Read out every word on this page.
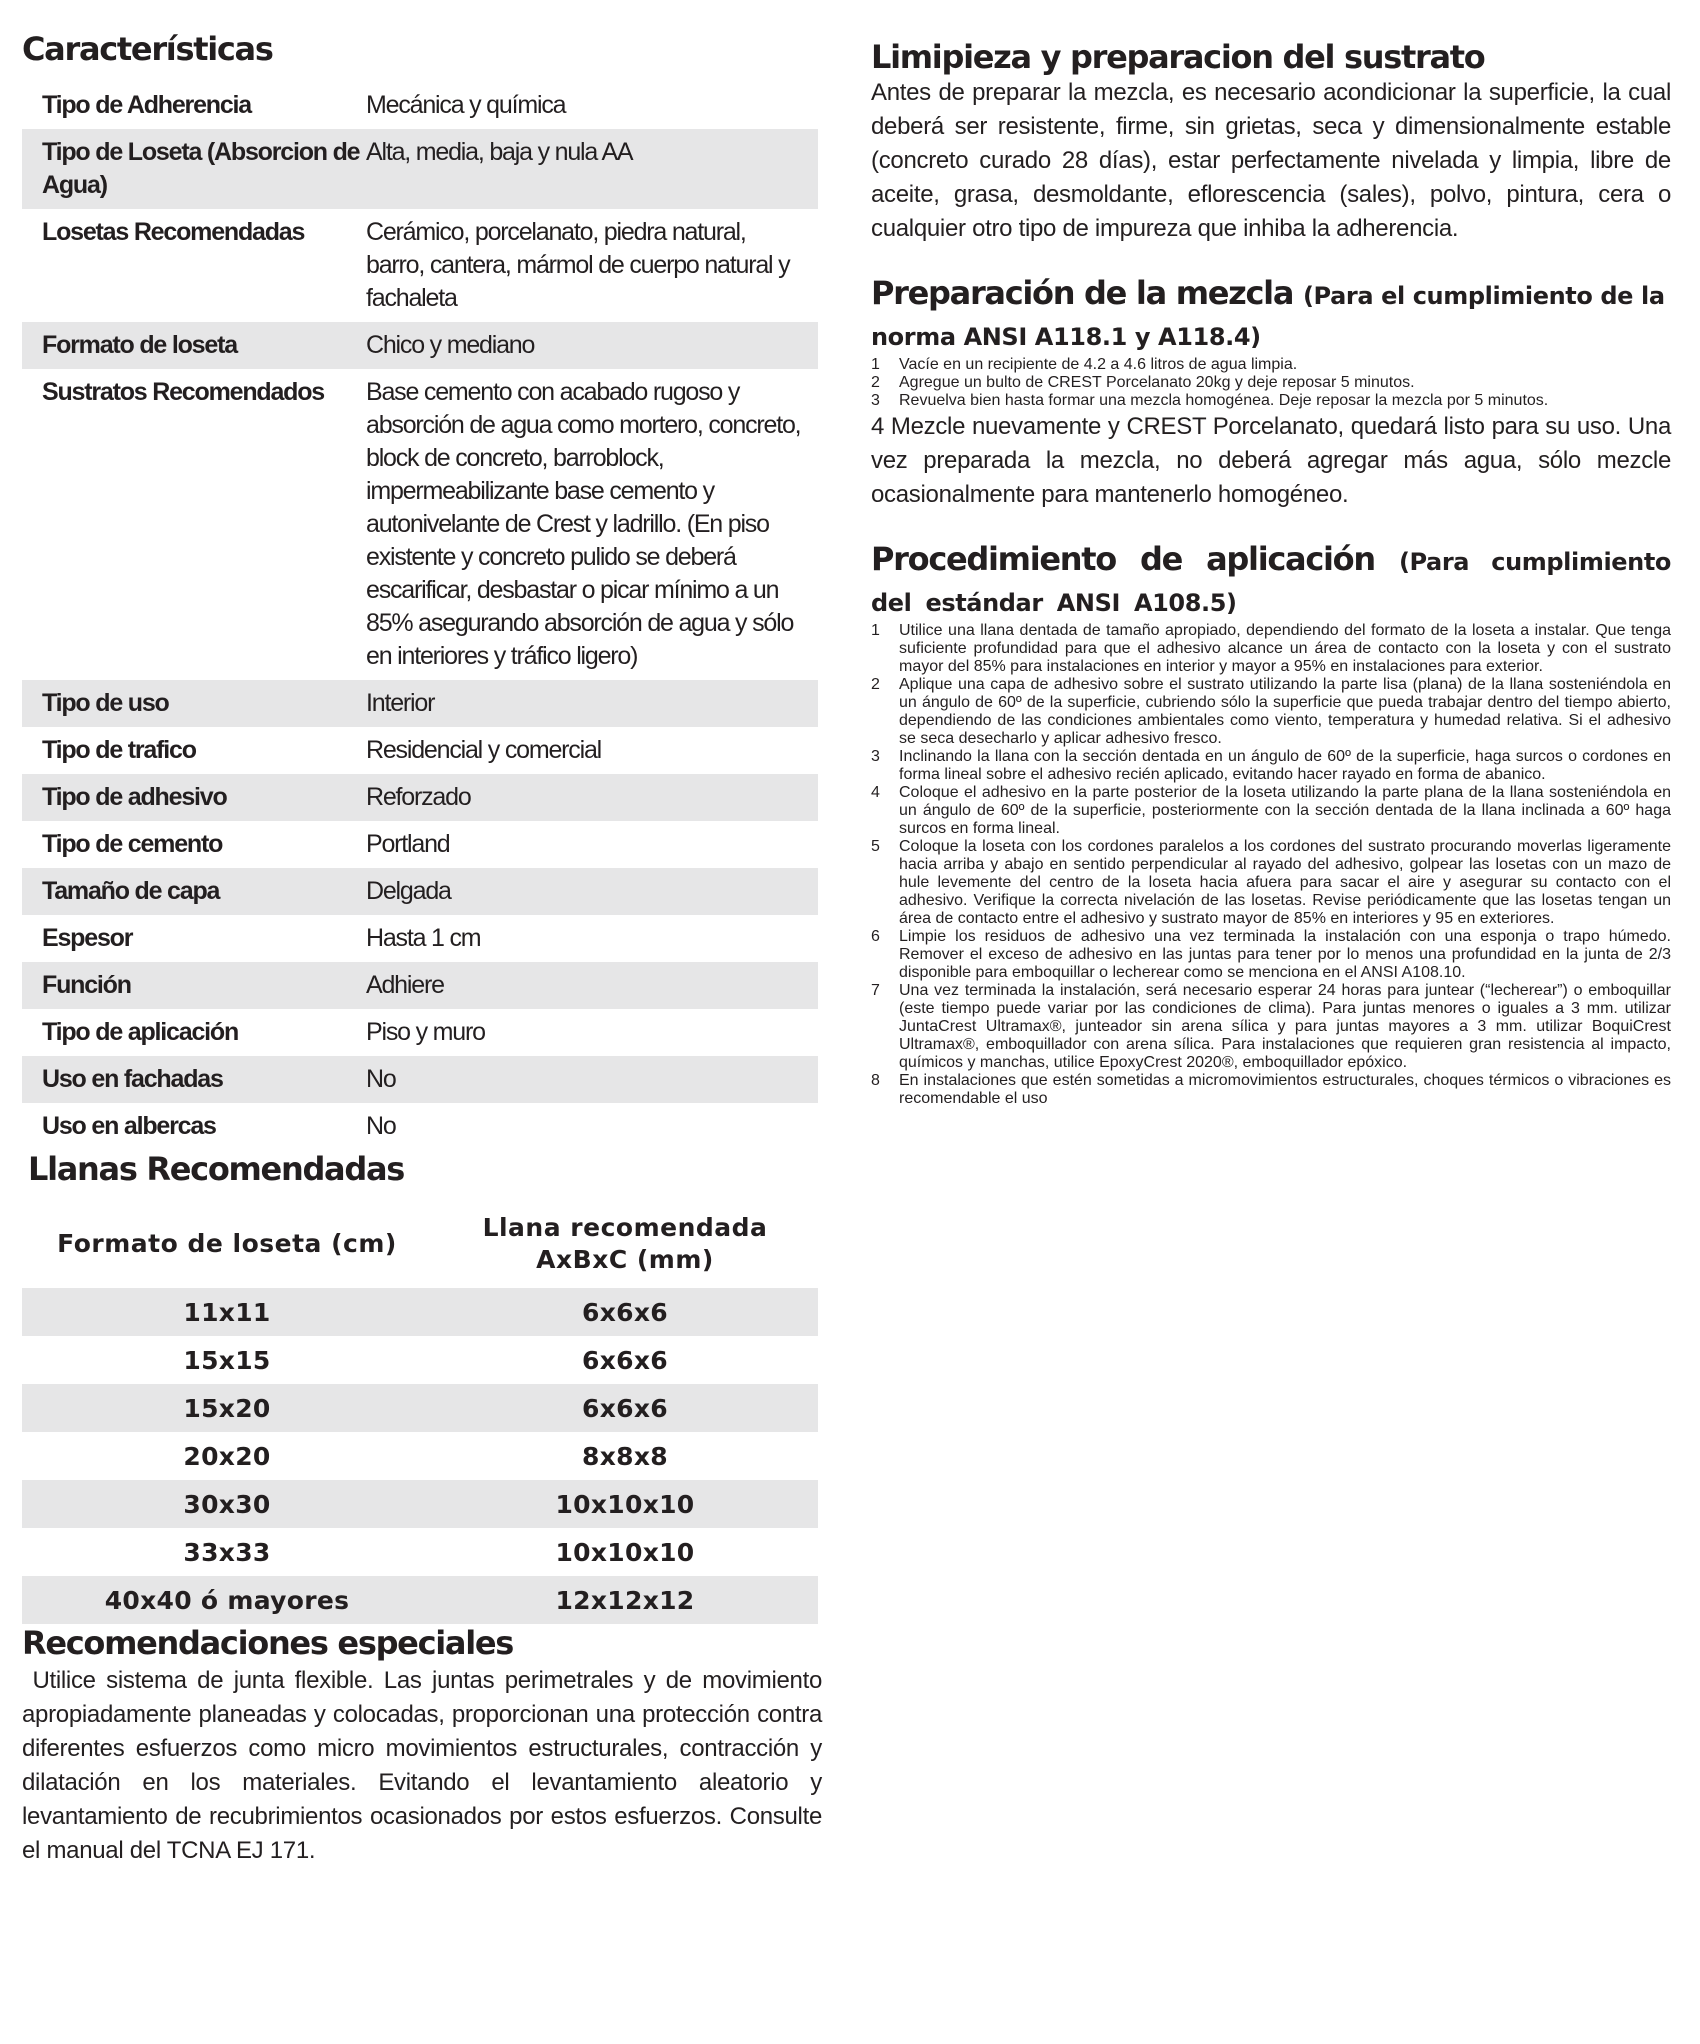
Características
Tipo de Adherencia	Mecánica y química
Tipo de Loseta (Absorcion de Agua)	Alta, media, baja y nula AA
Losetas Recomendadas	Cerámico, porcelanato, piedra natural, barro, cantera, mármol de cuerpo natural y fachaleta
Formato de loseta	Chico y mediano
Sustratos Recomendados	Base cemento con acabado rugoso y absorción de agua como mortero, concreto, block de concreto, barroblock, impermeabilizante base cemento y autonivelante de Crest y ladrillo. (En piso existente y concreto pulido se deberá escarificar, desbastar o picar mínimo a un 85% asegurando absorción de agua y sólo en interiores y tráfico ligero)
Tipo de uso	Interior
Tipo de trafico	Residencial y comercial
Tipo de adhesivo	Reforzado
Tipo de cemento	Portland
Tamaño de capa	Delgada
Espesor	Hasta 1 cm
Función	Adhiere
Tipo de aplicación	Piso y muro
Uso en fachadas	No
Uso en albercas	No
Llanas Recomendadas
Formato de loseta (cm)	Llana recomendada
AxBxC (mm)

11x11	6x6x6
15x15	6x6x6
15x20	6x6x6
20x20	8x8x8
30x30	10x10x10
33x33	10x10x10
40x40 ó mayores	12x12x12
Recomendaciones especiales

Utilice sistema de junta flexible. Las juntas perimetrales y de movimiento apropiadamente planeadas y colocadas, proporcionan una protección contra diferentes esfuerzos como micro movimientos estructurales, contracción y dilatación en los materiales. Evitando el levantamiento aleatorio y levantamiento de recubrimientos ocasionados por estos esfuerzos. Consulte el manual del TCNA EJ 171.

Limipieza y preparacion del sustrato

Antes de preparar la mezcla, es necesario acondicionar la superficie, la cual deberá ser resistente, firme, sin grietas, seca y dimensionalmente estable (concreto curado 28 días), estar perfectamente nivelada y limpia, libre de aceite, grasa, desmoldante, eflorescencia (sales), polvo, pintura, cera o cualquier otro tipo de impureza que inhiba la adherencia.

Preparación de la mezcla (Para el cumplimiento de la norma ANSI A118.1 y A118.4)
1	Vacíe en un recipiente de 4.2 a 4.6 litros de agua limpia.
2	Agregue un bulto de CREST Porcelanato 20kg y deje reposar 5 minutos.
3	Revuelva bien hasta formar una mezcla homogénea. Deje reposar la mezcla por 5 minutos.

4 Mezcle nuevamente y CREST Porcelanato, quedará listo para su uso. Una vez preparada la mezcla, no deberá agregar más agua, sólo mezcle ocasionalmente para mantenerlo homogéneo.

Procedimiento de aplicación (Para cumplimiento del estándar ANSI A108.5)
1	Utilice una llana dentada de tamaño apropiado, dependiendo del formato de la loseta a instalar. Que tenga suficiente profundidad para que el adhesivo alcance un área de contacto con la loseta y con el sustrato mayor del 85% para instalaciones en interior y mayor a 95% en instalaciones para exterior.
2	Aplique una capa de adhesivo sobre el sustrato utilizando la parte lisa (plana) de la llana sosteniéndola en un ángulo de 60º de la superficie, cubriendo sólo la superficie que pueda trabajar dentro del tiempo abierto, dependiendo de las condiciones ambientales como viento, temperatura y humedad relativa. Si el adhesivo se seca desecharlo y aplicar adhesivo fresco.
3	Inclinando la llana con la sección dentada en un ángulo de 60º de la superficie, haga surcos o cordones en forma lineal sobre el adhesivo recién aplicado, evitando hacer rayado en forma de abanico.
4	Coloque el adhesivo en la parte posterior de la loseta utilizando la parte plana de la llana sosteniéndola en un ángulo de 60º de la superficie, posteriormente con la sección dentada de la llana inclinada a 60º haga surcos en forma lineal.
5	Coloque la loseta con los cordones paralelos a los cordones del sustrato procurando moverlas ligeramente hacia arriba y abajo en sentido perpendicular al rayado del adhesivo, golpear las losetas con un mazo de hule levemente del centro de la loseta hacia afuera para sacar el aire y asegurar su contacto con el adhesivo. Verifique la correcta nivelación de las losetas. Revise periódicamente que las losetas tengan un área de contacto entre el adhesivo y sustrato mayor de 85% en interiores y 95 en exteriores.
6	Limpie los residuos de adhesivo una vez terminada la instalación con una esponja o trapo húmedo. Remover el exceso de adhesivo en las juntas para tener por lo menos una profundidad en la junta de 2/3 disponible para emboquillar o lecherear como se menciona en el ANSI A108.10.
7	Una vez terminada la instalación, será necesario esperar 24 horas para juntear (“lecherear”) o emboquillar (este tiempo puede variar por las condiciones de clima). Para juntas menores o iguales a 3 mm. utilizar JuntaCrest Ultramax®, junteador sin arena sílica y para juntas mayores a 3 mm. utilizar BoquiCrest Ultramax®, emboquillador con arena sílica. Para instalaciones que requieren gran resistencia al impacto, químicos y manchas, utilice EpoxyCrest 2020®, emboquillador epóxico.
8	En instalaciones que estén sometidas a micromovimientos estructurales, choques térmicos o vibraciones es recomendable el uso
